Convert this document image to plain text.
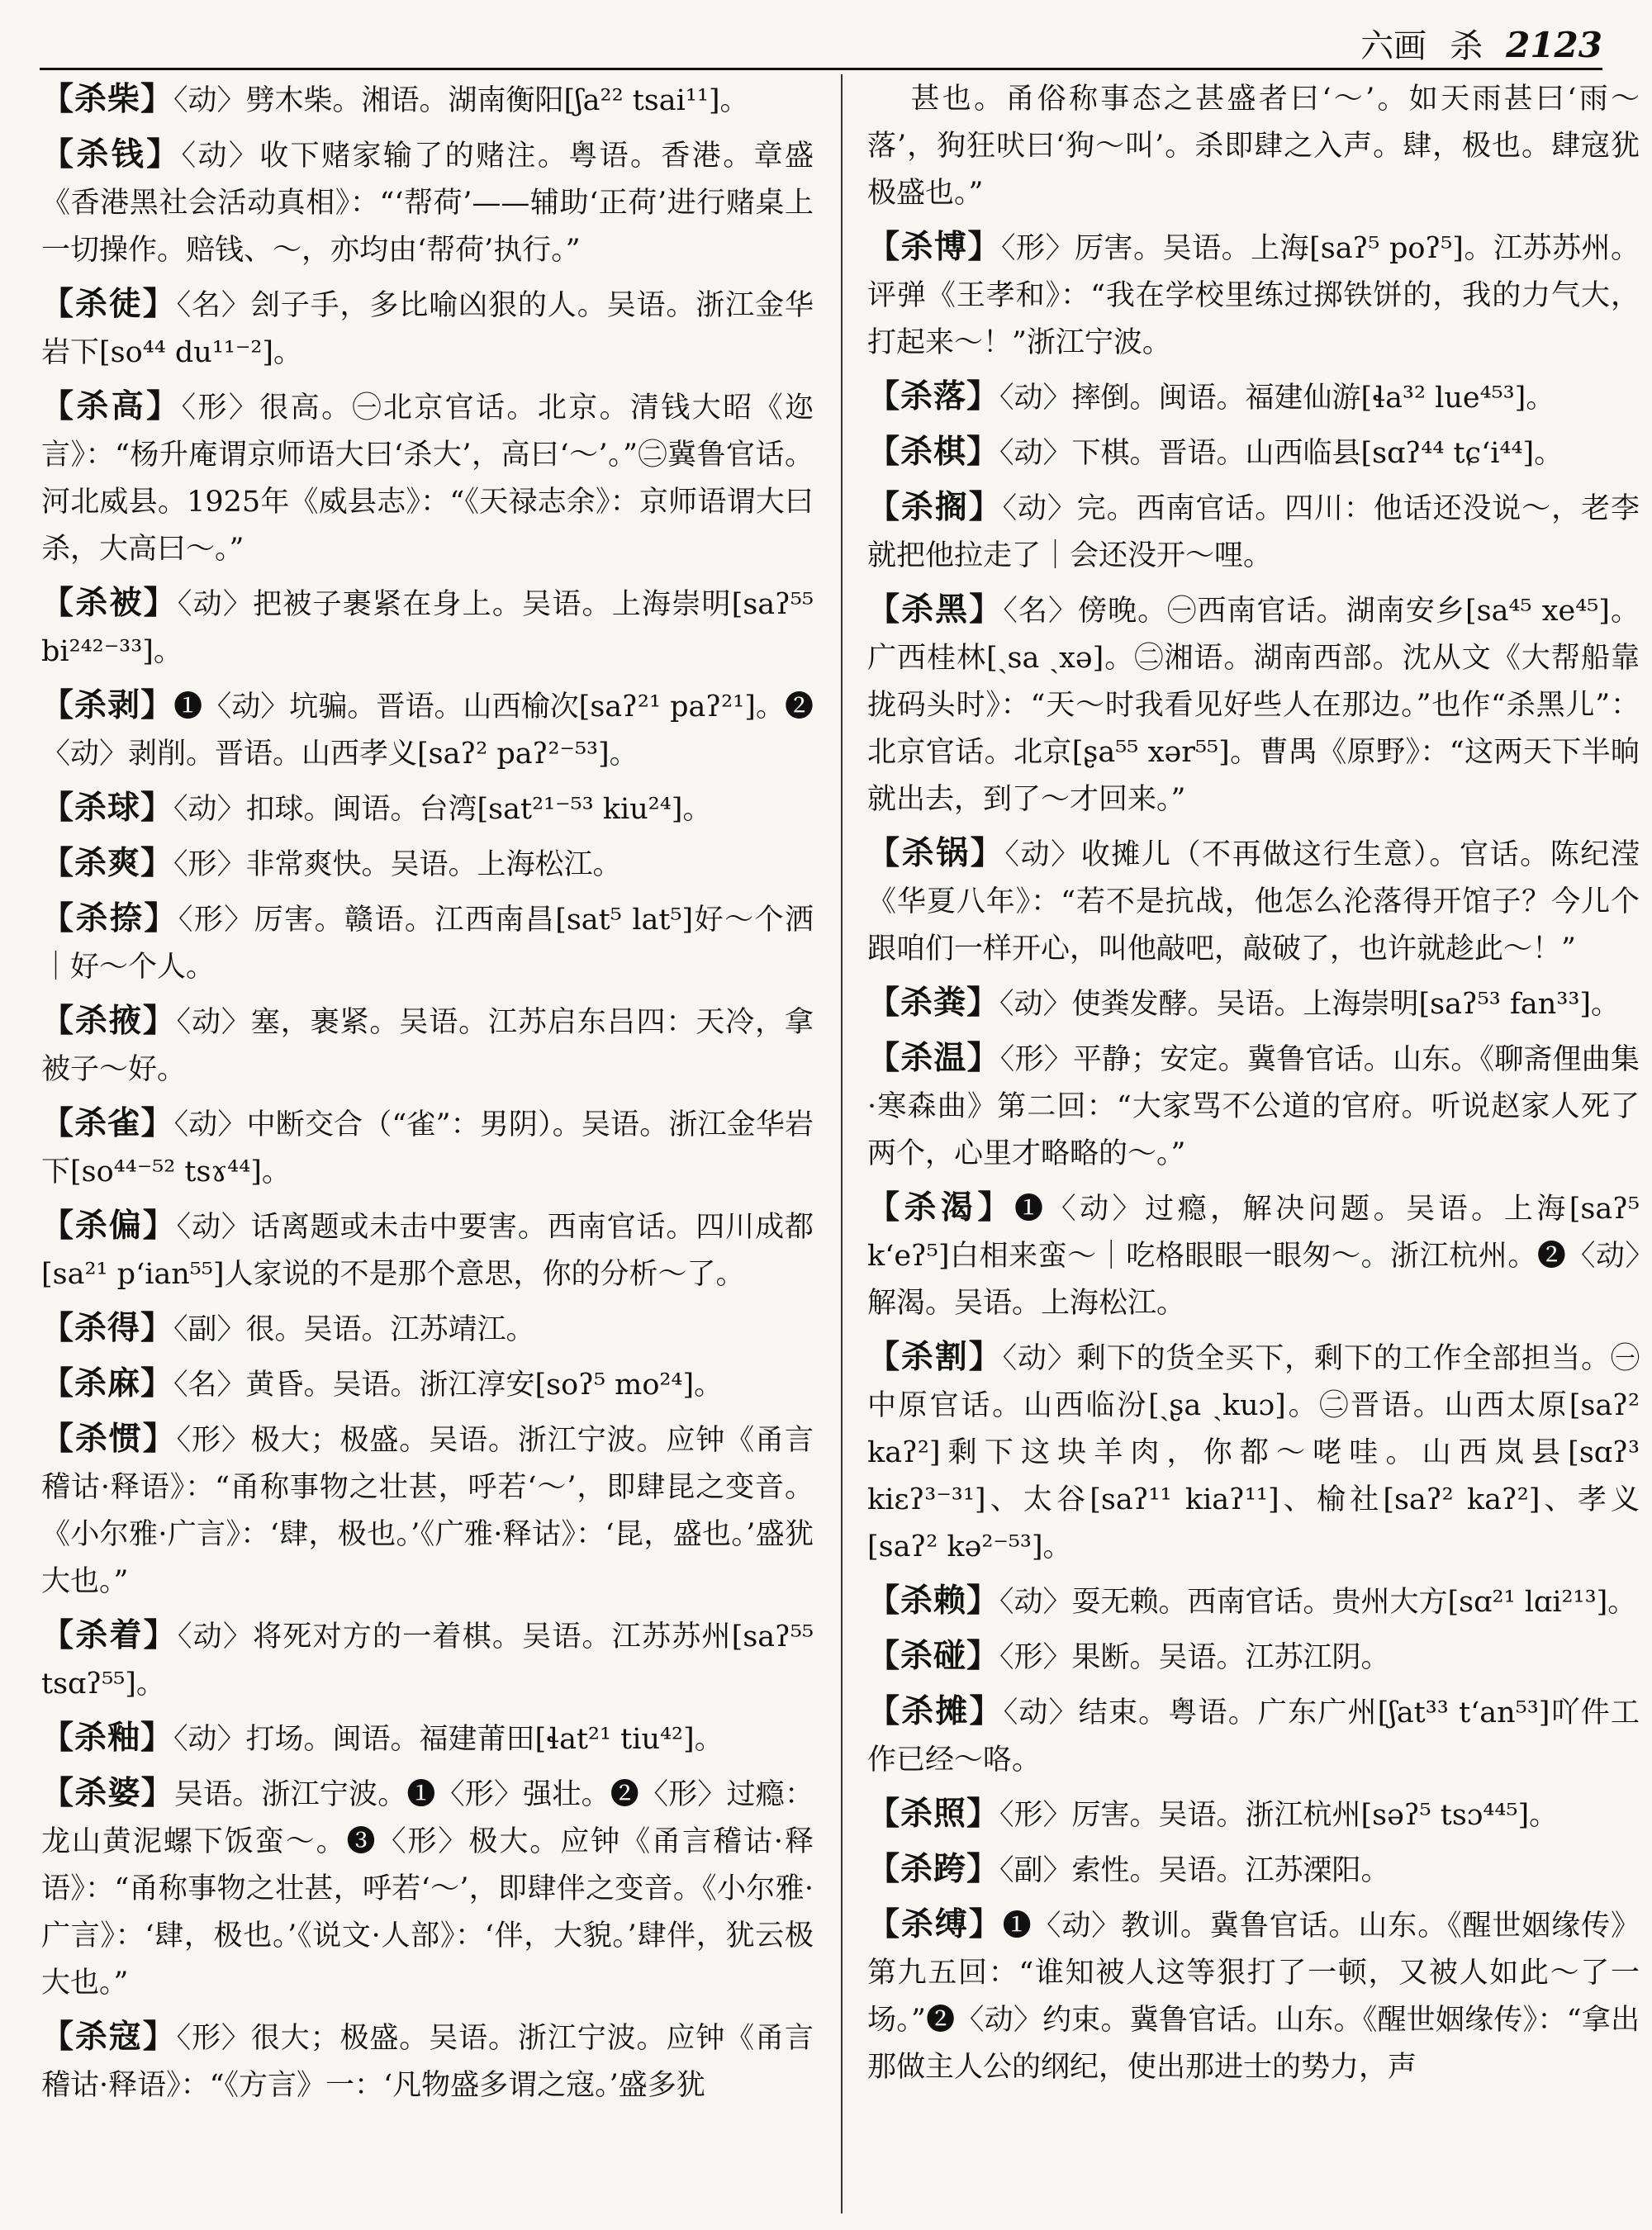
六画 杀 2123

【杀柴】〈动〉劈木柴。湘语。湖南衡阳[ʃa²² tsai¹¹]。

【杀钱】〈动〉收下赌家输了的赌注。粤语。香港。章盛《香港黑社会活动真相》：“‘帮荷’——辅助‘正荷’进行赌桌上一切操作。赔钱、～，亦均由‘帮荷’执行。”

【杀徒】〈名〉刽子手，多比喻凶狠的人。吴语。浙江金华岩下[so⁴⁴ du¹¹⁻²]。

【杀高】〈形〉很高。㊀北京官话。北京。清钱大昭《迩言》：“杨升庵谓京师语大曰‘杀大’，高曰‘～’。”㊁冀鲁官话。河北威县。1925年《威县志》：“《天禄志余》：京师语谓大曰杀，大高曰～。”

【杀被】〈动〉把被子裹紧在身上。吴语。上海崇明[saʔ⁵⁵ bi²⁴²⁻³³]。

【杀剥】❶〈动〉坑骗。晋语。山西榆次[saʔ²¹ paʔ²¹]。❷〈动〉剥削。晋语。山西孝义[saʔ² paʔ²⁻⁵³]。

【杀球】〈动〉扣球。闽语。台湾[sat²¹⁻⁵³ kiu²⁴]。

【杀爽】〈形〉非常爽快。吴语。上海松江。

【杀捺】〈形〉厉害。赣语。江西南昌[sat⁵ lat⁵]好～个洒｜好～个人。

【杀掖】〈动〉塞，裹紧。吴语。江苏启东吕四：天冷，拿被子～好。

【杀雀】〈动〉中断交合（“雀”：男阴）。吴语。浙江金华岩下[so⁴⁴⁻⁵² tsɤ⁴⁴]。

【杀偏】〈动〉话离题或未击中要害。西南官话。四川成都[sa²¹ pʻian⁵⁵]人家说的不是那个意思，你的分析～了。

【杀得】〈副〉很。吴语。江苏靖江。

【杀麻】〈名〉黄昏。吴语。浙江淳安[soʔ⁵ mo²⁴]。

【杀惯】〈形〉极大；极盛。吴语。浙江宁波。应钟《甬言稽诂·释语》：“甬称事物之壮甚，呼若‘～’，即肆昆之变音。《小尔雅·广言》：‘肆，极也。’《广雅·释诂》：‘昆，盛也。’盛犹大也。”

【杀着】〈动〉将死对方的一着棋。吴语。江苏苏州[saʔ⁵⁵ tsɑʔ⁵⁵]。

【杀釉】〈动〉打场。闽语。福建莆田[ɬat²¹ tiu⁴²]。

【杀婆】吴语。浙江宁波。❶〈形〉强壮。❷〈形〉过瘾：龙山黄泥螺下饭蛮～。❸〈形〉极大。应钟《甬言稽诂·释语》：“甬称事物之壮甚，呼若‘～’，即肆伴之变音。《小尔雅·广言》：‘肆，极也。’《说文·人部》：‘伴，大貌。’肆伴，犹云极大也。”

【杀寇】〈形〉很大；极盛。吴语。浙江宁波。应钟《甬言稽诂·释语》：“《方言》一：‘凡物盛多谓之寇。’盛多犹

甚也。甬俗称事态之甚盛者曰‘～’。如天雨甚曰‘雨～落’，狗狂吠曰‘狗～叫’。杀即肆之入声。肆，极也。肆寇犹极盛也。”

【杀博】〈形〉厉害。吴语。上海[saʔ⁵ poʔ⁵]。江苏苏州。评弹《王孝和》：“我在学校里练过掷铁饼的，我的力气大，打起来～！”浙江宁波。

【杀落】〈动〉摔倒。闽语。福建仙游[ɬa³² lue⁴⁵³]。

【杀棋】〈动〉下棋。晋语。山西临县[sɑʔ⁴⁴ tɕʻi⁴⁴]。

【杀搁】〈动〉完。西南官话。四川：他话还没说～，老李就把他拉走了｜会还没开～哩。

【杀黑】〈名〉傍晚。㊀西南官话。湖南安乡[sa⁴⁵ xe⁴⁵]。广西桂林[ˏsa ˏxə]。㊁湘语。湖南西部。沈从文《大帮船靠拢码头时》：“天～时我看见好些人在那边。”也作“杀黑儿”：北京官话。北京[ʂa⁵⁵ xər⁵⁵]。曹禺《原野》：“这两天下半晌就出去，到了～才回来。”

【杀锅】〈动〉收摊儿（不再做这行生意）。官话。陈纪滢《华夏八年》：“若不是抗战，他怎么沦落得开馆子？今儿个跟咱们一样开心，叫他敲吧，敲破了，也许就趁此～！”

【杀粪】〈动〉使粪发酵。吴语。上海崇明[saʔ⁵³ fan³³]。

【杀温】〈形〉平静；安定。冀鲁官话。山东。《聊斋俚曲集·寒森曲》第二回：“大家骂不公道的官府。听说赵家人死了两个，心里才略略的～。”

【杀渴】❶〈动〉过瘾，解决问题。吴语。上海[saʔ⁵ kʻeʔ⁵]白相来蛮～｜吃格眼眼一眼匆～。浙江杭州。❷〈动〉解渴。吴语。上海松江。

【杀割】〈动〉剩下的货全买下，剩下的工作全部担当。㊀中原官话。山西临汾[ˏʂa ˏkuɔ]。㊁晋语。山西太原[saʔ² kaʔ²]剩下这块羊肉，你都～咾哇。山西岚县[sɑʔ³ kiɛʔ³⁻³¹]、太谷[saʔ¹¹ kiaʔ¹¹]、榆社[saʔ² kaʔ²]、孝义[saʔ² kə²⁻⁵³]。

【杀赖】〈动〉耍无赖。西南官话。贵州大方[sɑ²¹ lɑi²¹³]。

【杀碰】〈形〉果断。吴语。江苏江阴。

【杀摊】〈动〉结束。粤语。广东广州[ʃat³³ tʻan⁵³]吖件工作已经～咯。

【杀照】〈形〉厉害。吴语。浙江杭州[səʔ⁵ tsɔ⁴⁴⁵]。

【杀跨】〈副〉索性。吴语。江苏溧阳。

【杀缚】❶〈动〉教训。冀鲁官话。山东。《醒世姻缘传》第九五回：“谁知被人这等狠打了一顿，又被人如此～了一场。”❷〈动〉约束。冀鲁官话。山东。《醒世姻缘传》：“拿出那做主人公的纲纪，使出那进士的势力，声
